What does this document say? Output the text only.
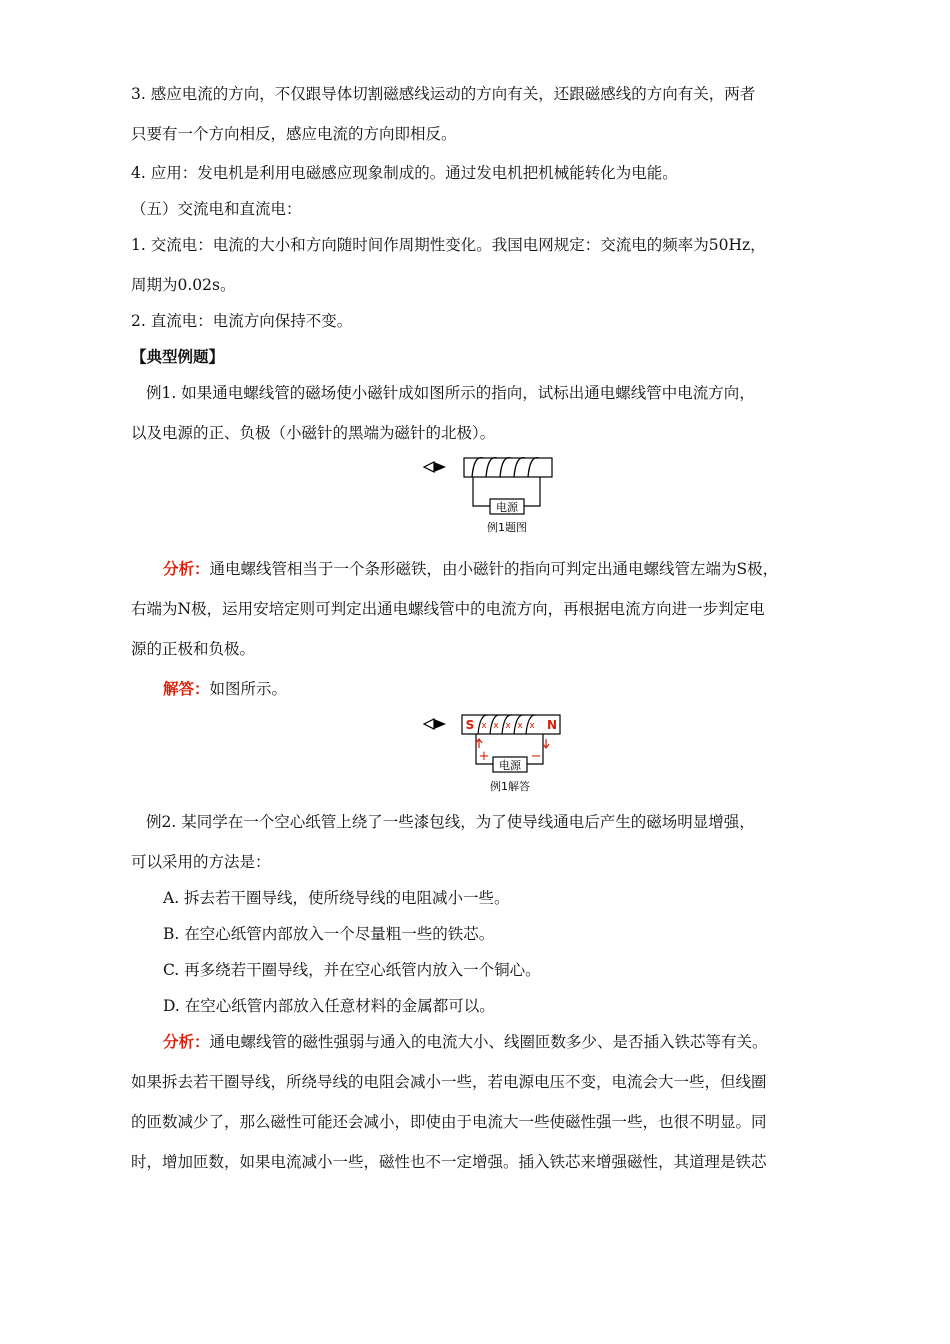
3. 感应电流的方向，不仅跟导体切割磁感线运动的方向有关，还跟磁感线的方向有关，两者
只要有一个方向相反，感应电流的方向即相反。
4. 应用：发电机是利用电磁感应现象制成的。通过发电机把机械能转化为电能。
（五）交流电和直流电：
1. 交流电：电流的大小和方向随时间作周期性变化。我国电网规定：交流电的频率为50Hz，
周期为0.02s。
2. 直流电：电流方向保持不变。
【典型例题】
例1. 如果通电螺线管的磁场使小磁针成如图所示的指向，试标出通电螺线管中电流方向，
以及电源的正、负极（小磁针的黑端为磁针的北极）。
电源
例1题图
分析：通电螺线管相当于一个条形磁铁，由小磁针的指向可判定出通电螺线管左端为S极，
右端为N极，运用安培定则可判定出通电螺线管中的电流方向，再根据电流方向进一步判定电
源的正极和负极。
解答：如图所示。
S	N
x x x x x
+	−
电源
例1解答
例2. 某同学在一个空心纸管上绕了一些漆包线，为了使导线通电后产生的磁场明显增强，
可以采用的方法是：
A. 拆去若干圈导线，使所绕导线的电阻减小一些。
B. 在空心纸管内部放入一个尽量粗一些的铁芯。
C. 再多绕若干圈导线，并在空心纸管内放入一个铜心。
D. 在空心纸管内部放入任意材料的金属都可以。
分析：通电螺线管的磁性强弱与通入的电流大小、线圈匝数多少、是否插入铁芯等有关。
如果拆去若干圈导线，所绕导线的电阻会减小一些，若电源电压不变，电流会大一些，但线圈
的匝数减少了，那么磁性可能还会减小，即使由于电流大一些使磁性强一些，也很不明显。同
时，增加匝数，如果电流减小一些，磁性也不一定增强。插入铁芯来增强磁性，其道理是铁芯
